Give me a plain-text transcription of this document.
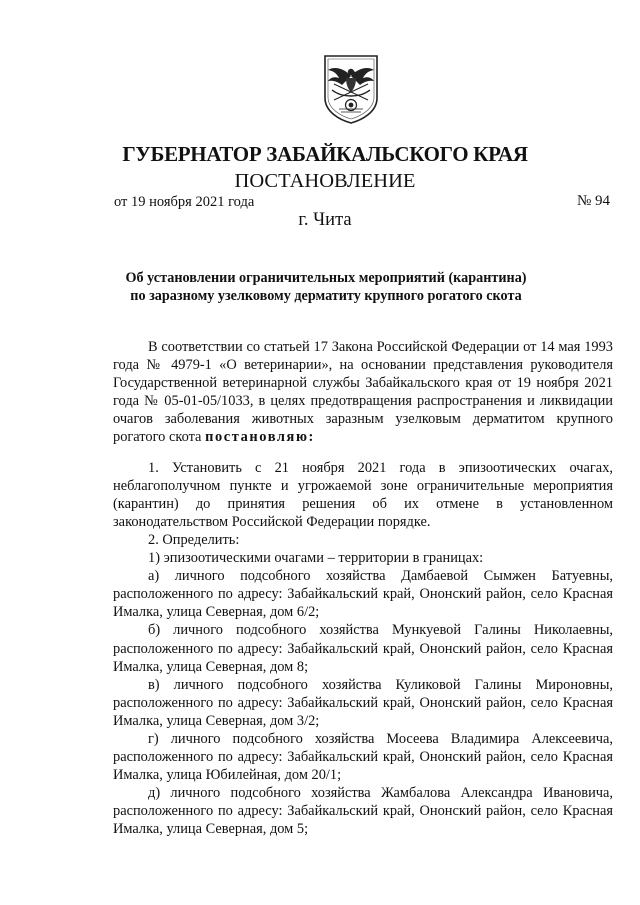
ГУБЕРНАТОР ЗАБАЙКАЛЬСКОГО КРАЯ
ПОСТАНОВЛЕНИЕ
от 19 ноября 2021 года	№ 94
г. Чита
Об установлении ограничительных мероприятий (карантина)
по заразному узелковому дерматиту крупного рогатого скота

В соответствии со статьей 17 Закона Российской Федерации от 14 мая 1993 года № 4979-1 «О ветеринарии», на основании представления руководителя Государственной ветеринарной службы Забайкальского края от 19 ноября 2021 года № 05-01-05/1033, в целях предотвращения распространения и ликвидации очагов заболевания животных заразным узелковым дерматитом крупного рогатого скота постановляю:

1. Установить с 21 ноября 2021 года в эпизоотических очагах, неблагополучном пункте и угрожаемой зоне ограничительные мероприятия (карантин) до принятия решения об их отмене в установленном законодательством Российской Федерации порядке.

2. Определить:

1) эпизоотическими очагами – территории в границах:

а) личного подсобного хозяйства Дамбаевой Сымжен Батуевны, расположенного по адресу: Забайкальский край, Ононский район, село Красная Ималка, улица Северная, дом 6/2;

б) личного подсобного хозяйства Мункуевой Галины Николаевны, расположенного по адресу: Забайкальский край, Ононский район, село Красная Ималка, улица Северная, дом 8;

в) личного подсобного хозяйства Куликовой Галины Мироновны, расположенного по адресу: Забайкальский край, Ононский район, село Красная Ималка, улица Северная, дом 3/2;

г) личного подсобного хозяйства Мосеева Владимира Алексеевича, расположенного по адресу: Забайкальский край, Ононский район, село Красная Ималка, улица Юбилейная, дом 20/1;

д) личного подсобного хозяйства Жамбалова Александра Ивановича, расположенного по адресу: Забайкальский край, Ононский район, село Красная Ималка, улица Северная, дом 5;
